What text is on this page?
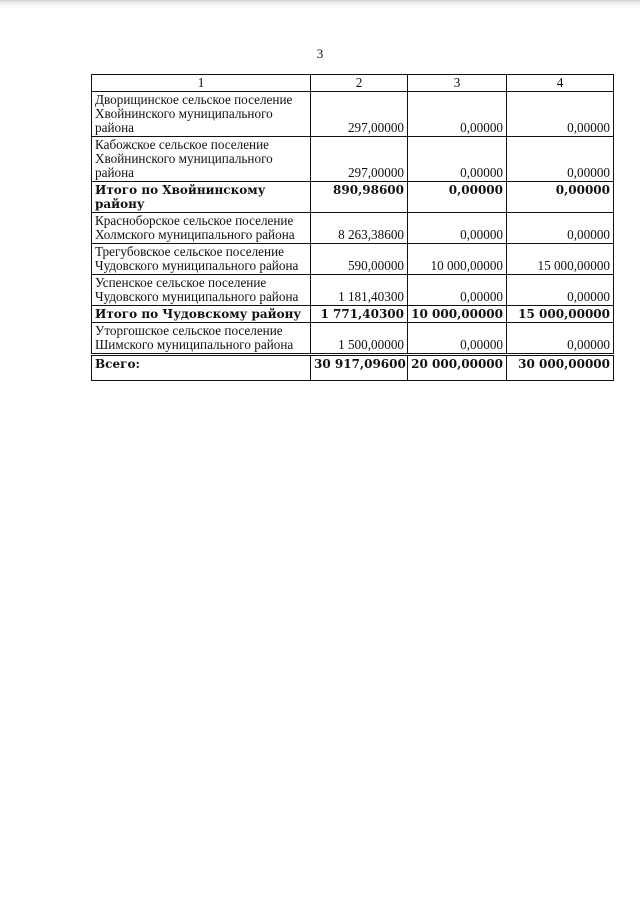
3
1	2	3	4
Дворищинское сельское поселение Хвойнинского муниципального района	297,00000	0,00000	0,00000
Кабожское сельское поселение Хвойнинского муниципального района	297,00000	0,00000	0,00000
Итого по Хвойнинскому району	890,98600	0,00000	0,00000
Красноборское сельское поселение Холмского муниципального района	8 263,38600	0,00000	0,00000
Трегубовское сельское поселение Чудовского муниципального района	590,00000	10 000,00000	15 000,00000
Успенское сельское поселение Чудовского муниципального района	1 181,40300	0,00000	0,00000
Итого по Чудовскому району	1 771,40300	10 000,00000	15 000,00000
Уторгошское сельское поселение Шимского муниципального района	1 500,00000	0,00000	0,00000
Всего:	30 917,09600	20 000,00000	30 000,00000
